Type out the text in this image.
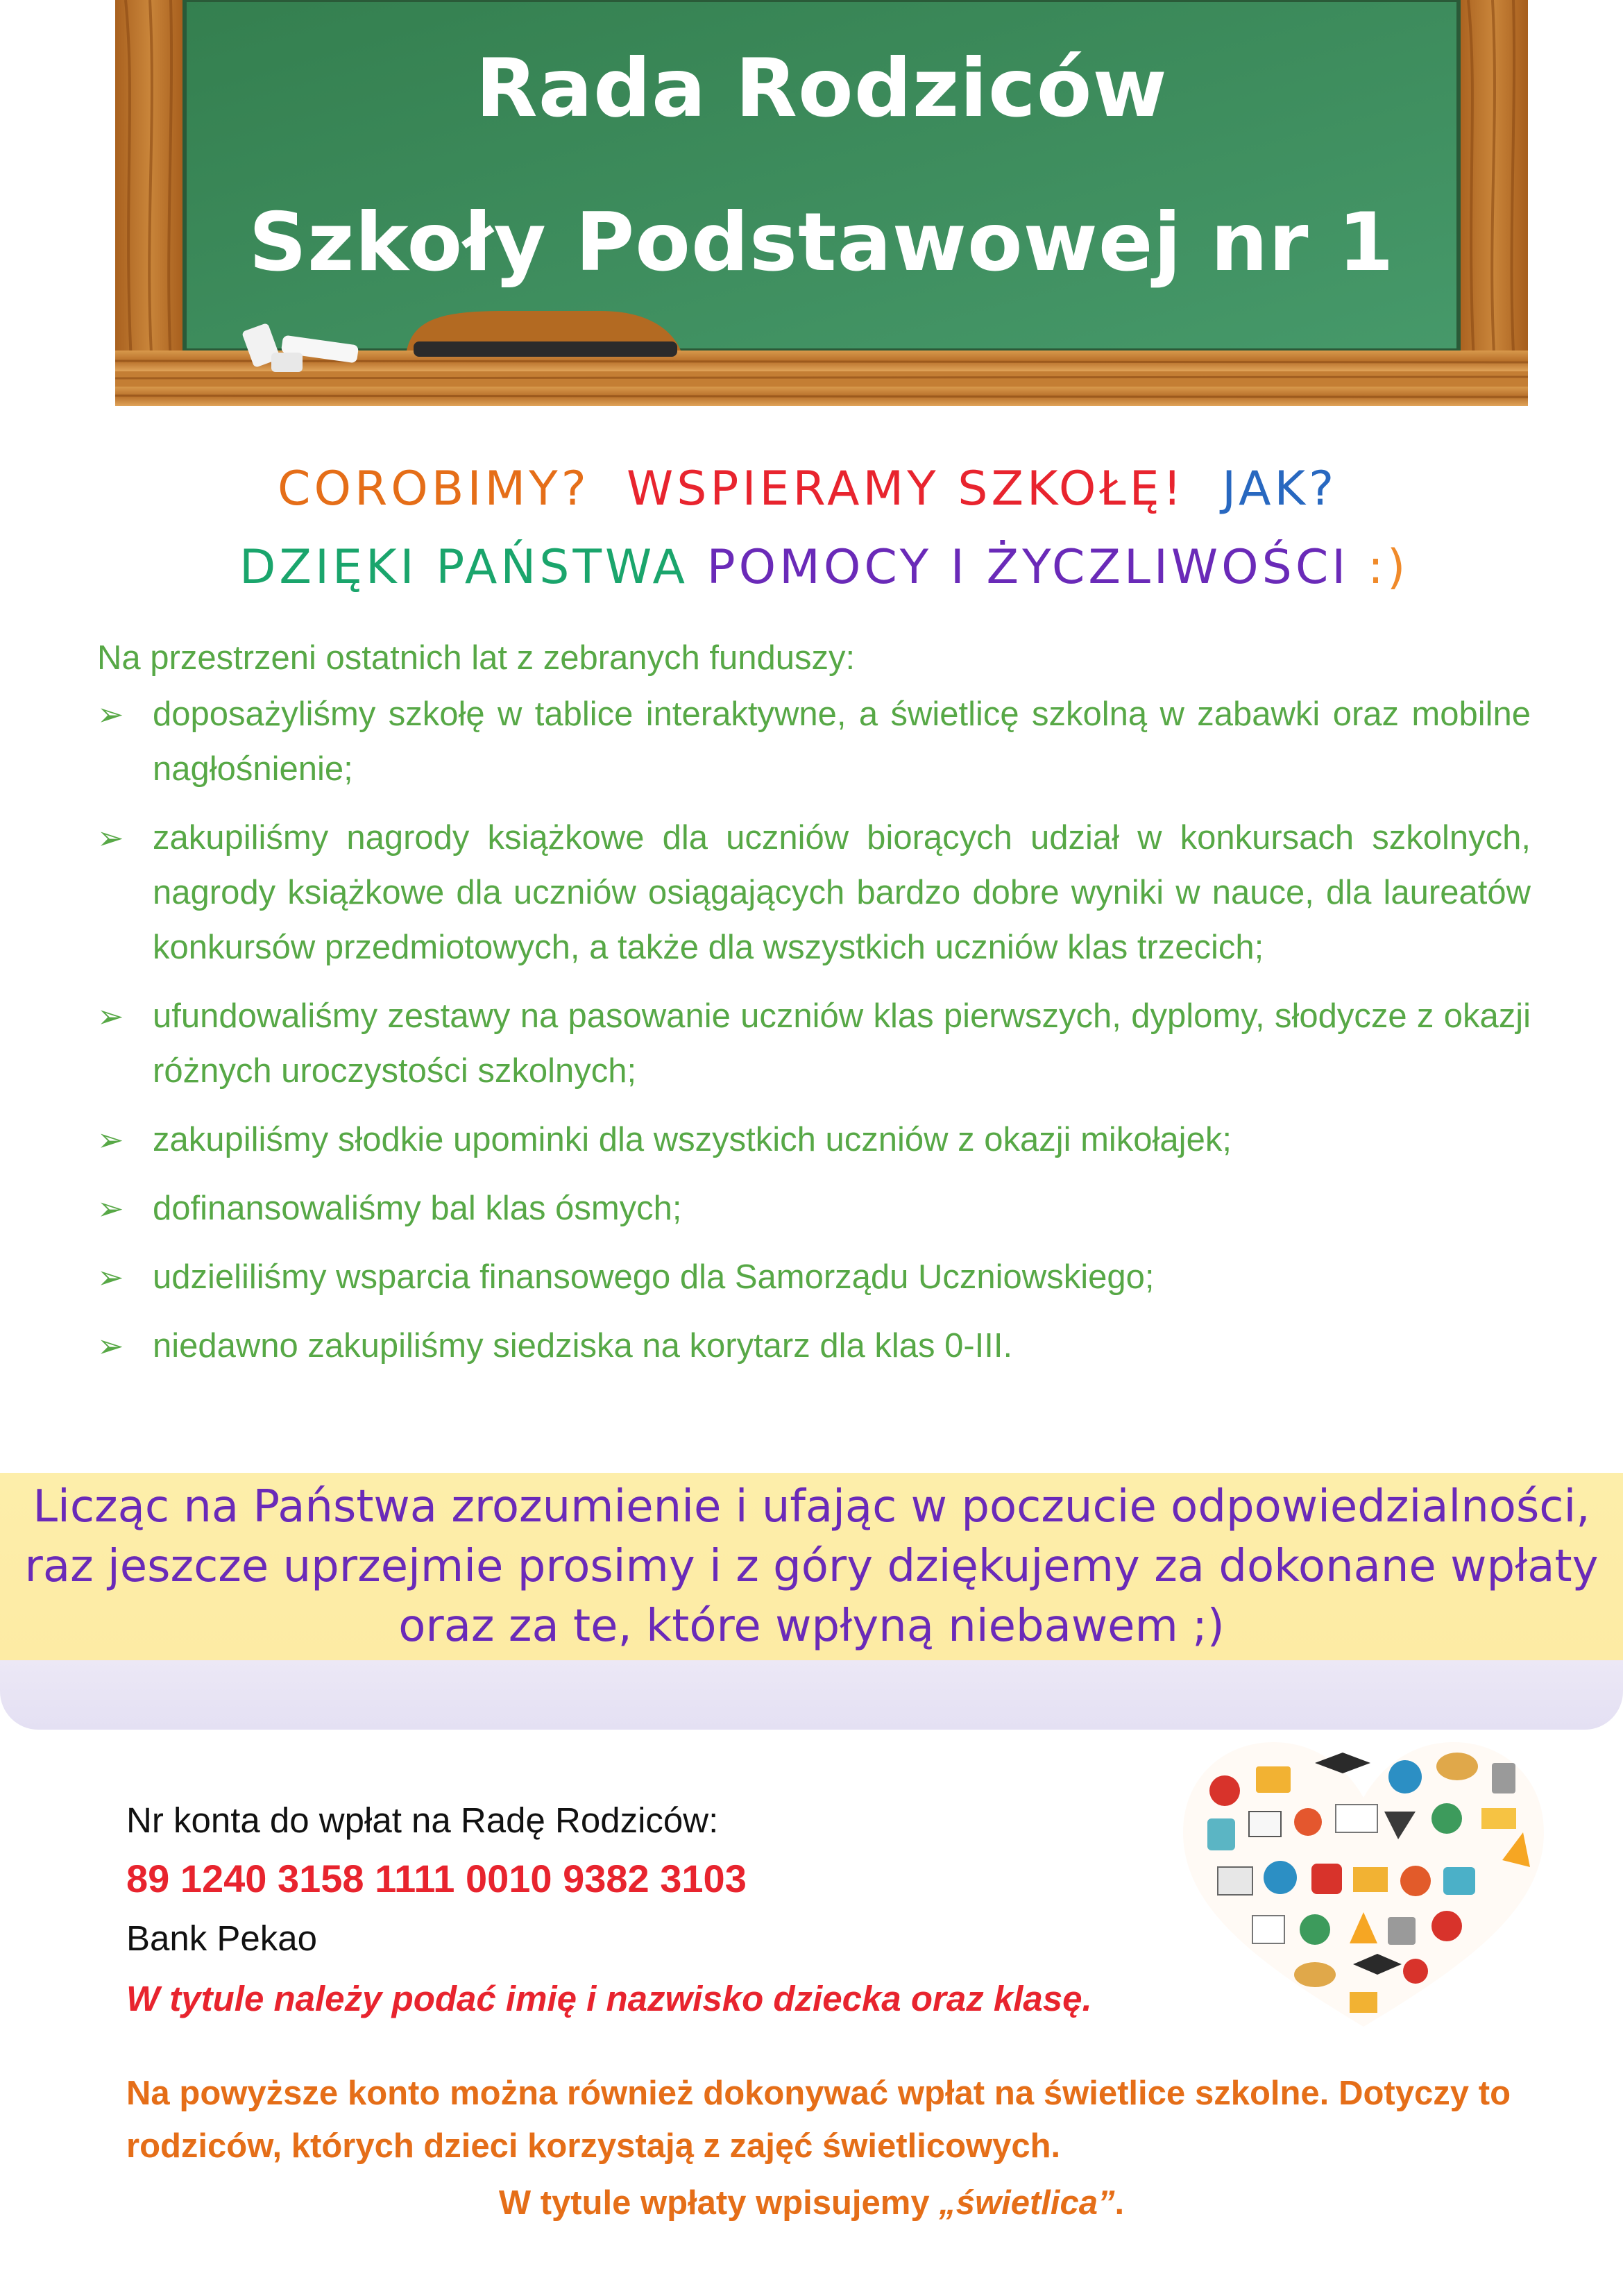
Rada Rodziców
Szkoły Podstawowej nr 1
COROBIMY? WSPIERAMY SZKOŁĘ! JAK?
DZIĘKI PAŃSTWA POMOCY I ŻYCZLIWOŚCI :)
Na przestrzeni ostatnich lat z zebranych funduszy:
➢ doposażyliśmy szkołę w tablice interaktywne, a świetlicę szkolną w zabawki oraz mobilne nagłośnienie;
➢ zakupiliśmy nagrody książkowe dla uczniów biorących udział w konkursach szkolnych, nagrody książkowe dla uczniów osiągających bardzo dobre wyniki w nauce, dla laureatów konkursów przedmiotowych, a także dla wszystkich uczniów klas trzecich;
➢ ufundowaliśmy zestawy na pasowanie uczniów klas pierwszych, dyplomy, słodycze z okazji różnych uroczystości szkolnych;
➢ zakupiliśmy słodkie upominki dla wszystkich uczniów z okazji mikołajek;
➢ dofinansowaliśmy bal klas ósmych;
➢ udzieliliśmy wsparcia finansowego dla Samorządu Uczniowskiego;
➢ niedawno zakupiliśmy siedziska na korytarz dla klas 0-III.
Licząc na Państwa zrozumienie i ufając w poczucie odpowiedzialności,
raz jeszcze uprzejmie prosimy i z góry dziękujemy za dokonane wpłaty
oraz za te, które wpłyną niebawem ;)
Nr konta do wpłat na Radę Rodziców:
89 1240 3158 1111 0010 9382 3103
Bank Pekao
W tytule należy podać imię i nazwisko dziecka oraz klasę.
Na powyższe konto można również dokonywać wpłat na świetlice szkolne. Dotyczy to rodziców, których dzieci korzystają z zajęć świetlicowych.
W tytule wpłaty wpisujemy „świetlica”.
